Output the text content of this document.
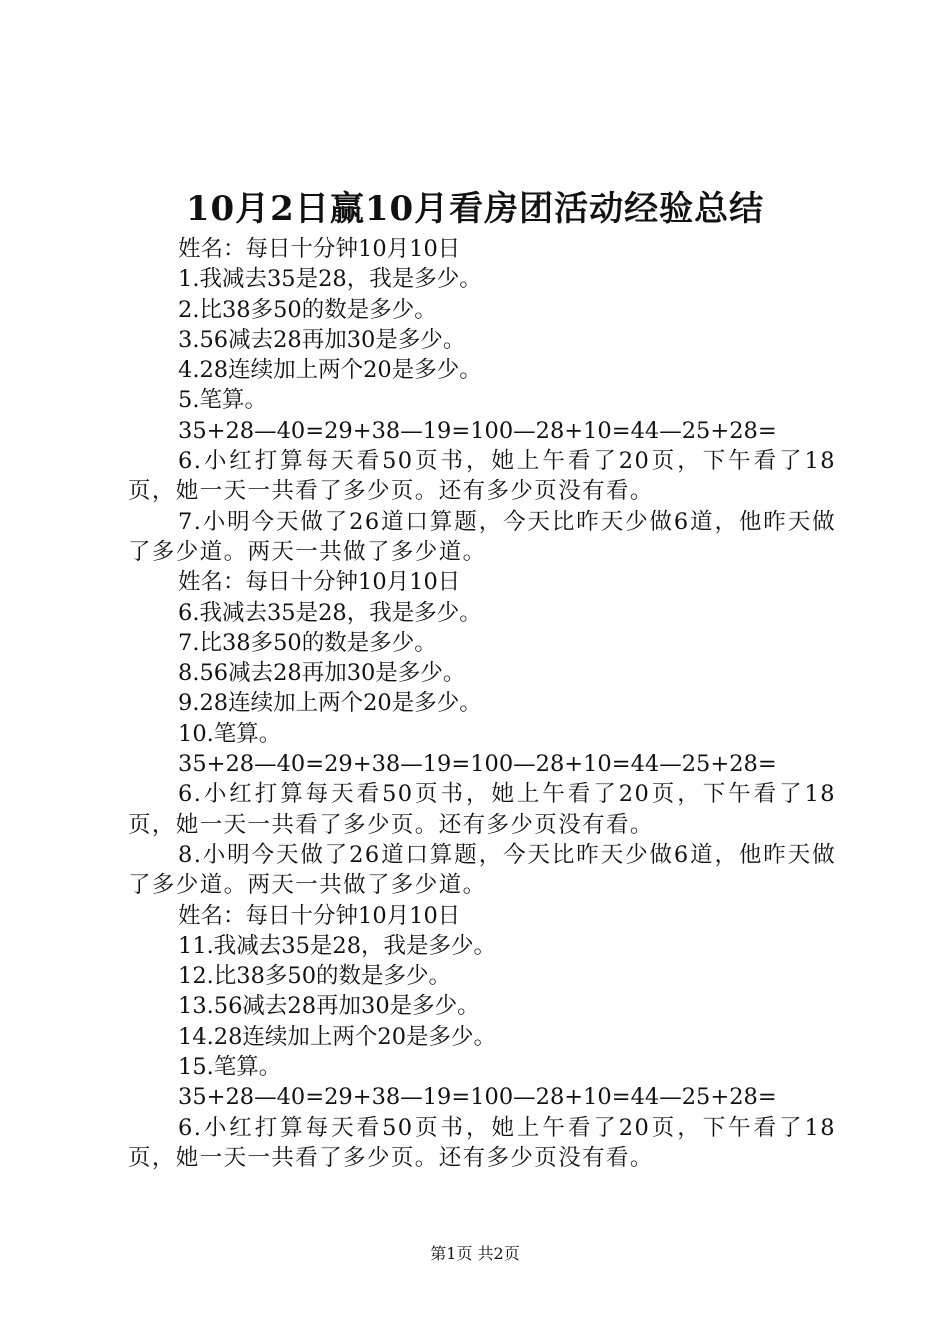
10月2日赢10月看房团活动经验总结
姓名：每日十分钟10月10日
1.我减去35是28，我是多少。
2.比38多50的数是多少。
3.56减去28再加30是多少。
4.28连续加上两个20是多少。
5.笔算。
35+28—40=29+38—19=100—28+10=44—25+28=
6.小红打算每天看50页书，她上午看了20页，下午看了18页，她一天一共看了多少页。还有多少页没有看。
7.小明今天做了26道口算题，今天比昨天少做6道，他昨天做了多少道。两天一共做了多少道。
姓名：每日十分钟10月10日
6.我减去35是28，我是多少。
7.比38多50的数是多少。
8.56减去28再加30是多少。
9.28连续加上两个20是多少。
10.笔算。
35+28—40=29+38—19=100—28+10=44—25+28=
6.小红打算每天看50页书，她上午看了20页，下午看了18页，她一天一共看了多少页。还有多少页没有看。
8.小明今天做了26道口算题，今天比昨天少做6道，他昨天做了多少道。两天一共做了多少道。
姓名：每日十分钟10月10日
11.我减去35是28，我是多少。
12.比38多50的数是多少。
13.56减去28再加30是多少。
14.28连续加上两个20是多少。
15.笔算。
35+28—40=29+38—19=100—28+10=44—25+28=
6.小红打算每天看50页书，她上午看了20页，下午看了18页，她一天一共看了多少页。还有多少页没有看。
第1页 共2页
